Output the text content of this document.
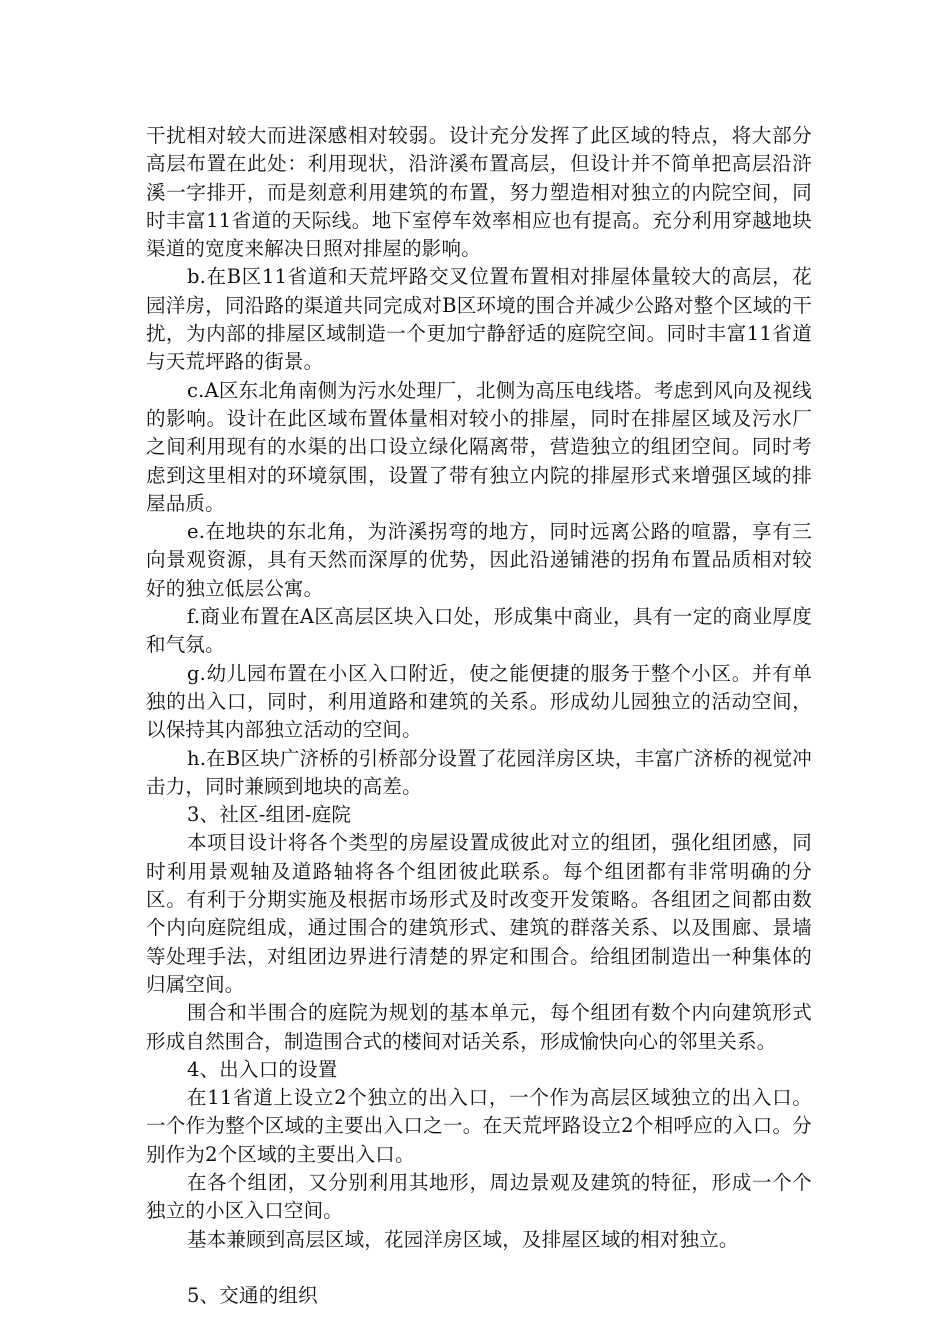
干扰相对较大而进深感相对较弱。设计充分发挥了此区域的特点，将大部分高层布置在此处：利用现状，沿浒溪布置高层，但设计并不简单把高层沿浒溪一字排开，而是刻意利用建筑的布置，努力塑造相对独立的内院空间，同时丰富11省道的天际线。地下室停车效率相应也有提高。充分利用穿越地块渠道的宽度来解决日照对排屋的影响。

b.在B区11省道和天荒坪路交叉位置布置相对排屋体量较大的高层，花园洋房，同沿路的渠道共同完成对B区环境的围合并减少公路对整个区域的干扰，为内部的排屋区域制造一个更加宁静舒适的庭院空间。同时丰富11省道与天荒坪路的街景。

c.A区东北角南侧为污水处理厂，北侧为高压电线塔。考虑到风向及视线的影响。设计在此区域布置体量相对较小的排屋，同时在排屋区域及污水厂之间利用现有的水渠的出口设立绿化隔离带，营造独立的组团空间。同时考虑到这里相对的环境氛围，设置了带有独立内院的排屋形式来增强区域的排屋品质。

e.在地块的东北角，为浒溪拐弯的地方，同时远离公路的喧嚣，享有三向景观资源，具有天然而深厚的优势，因此沿递铺港的拐角布置品质相对较好的独立低层公寓。

f.商业布置在A区高层区块入口处，形成集中商业，具有一定的商业厚度和气氛。

g.幼儿园布置在小区入口附近，使之能便捷的服务于整个小区。并有单独的出入口，同时，利用道路和建筑的关系。形成幼儿园独立的活动空间，以保持其内部独立活动的空间。

h.在B区块广济桥的引桥部分设置了花园洋房区块，丰富广济桥的视觉冲击力，同时兼顾到地块的高差。

3、社区-组团-庭院

本项目设计将各个类型的房屋设置成彼此对立的组团，强化组团感，同时利用景观轴及道路轴将各个组团彼此联系。每个组团都有非常明确的分区。有利于分期实施及根据市场形式及时改变开发策略。各组团之间都由数个内向庭院组成，通过围合的建筑形式、建筑的群落关系、以及围廊、景墙等处理手法，对组团边界进行清楚的界定和围合。给组团制造出一种集体的归属空间。

围合和半围合的庭院为规划的基本单元，每个组团有数个内向建筑形式形成自然围合，制造围合式的楼间对话关系，形成愉快向心的邻里关系。

4、出入口的设置

在11省道上设立2个独立的出入口，一个作为高层区域独立的出入口。一个作为整个区域的主要出入口之一。在天荒坪路设立2个相呼应的入口。分别作为2个区域的主要出入口。

在各个组团，又分别利用其地形，周边景观及建筑的特征，形成一个个独立的小区入口空间。

基本兼顾到高层区域，花园洋房区域，及排屋区域的相对独立。

5、交通的组织
